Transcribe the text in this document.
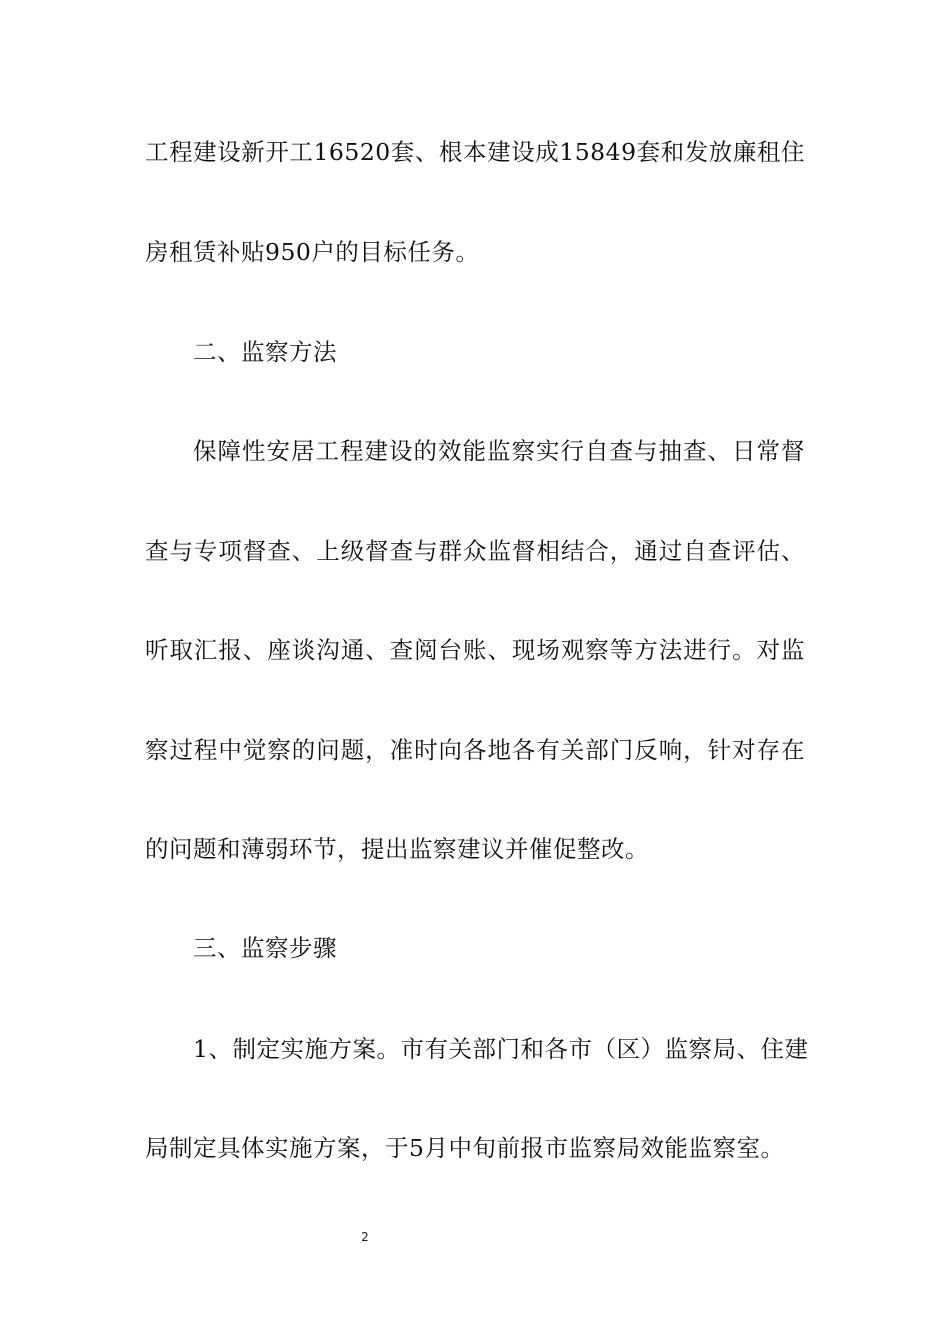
工程建设新开工16520套、根本建设成15849套和发放廉租住
房租赁补贴950户的目标任务。
二、监察方法
保障性安居工程建设的效能监察实行自查与抽查、日常督
查与专项督查、上级督查与群众监督相结合，通过自查评估、
听取汇报、座谈沟通、查阅台账、现场观察等方法进行。对监
察过程中觉察的问题，准时向各地各有关部门反响，针对存在
的问题和薄弱环节，提出监察建议并催促整改。
三、监察步骤
1、制定实施方案。市有关部门和各市（区）监察局、住建
局制定具体实施方案，于5月中旬前报市监察局效能监察室。
2
